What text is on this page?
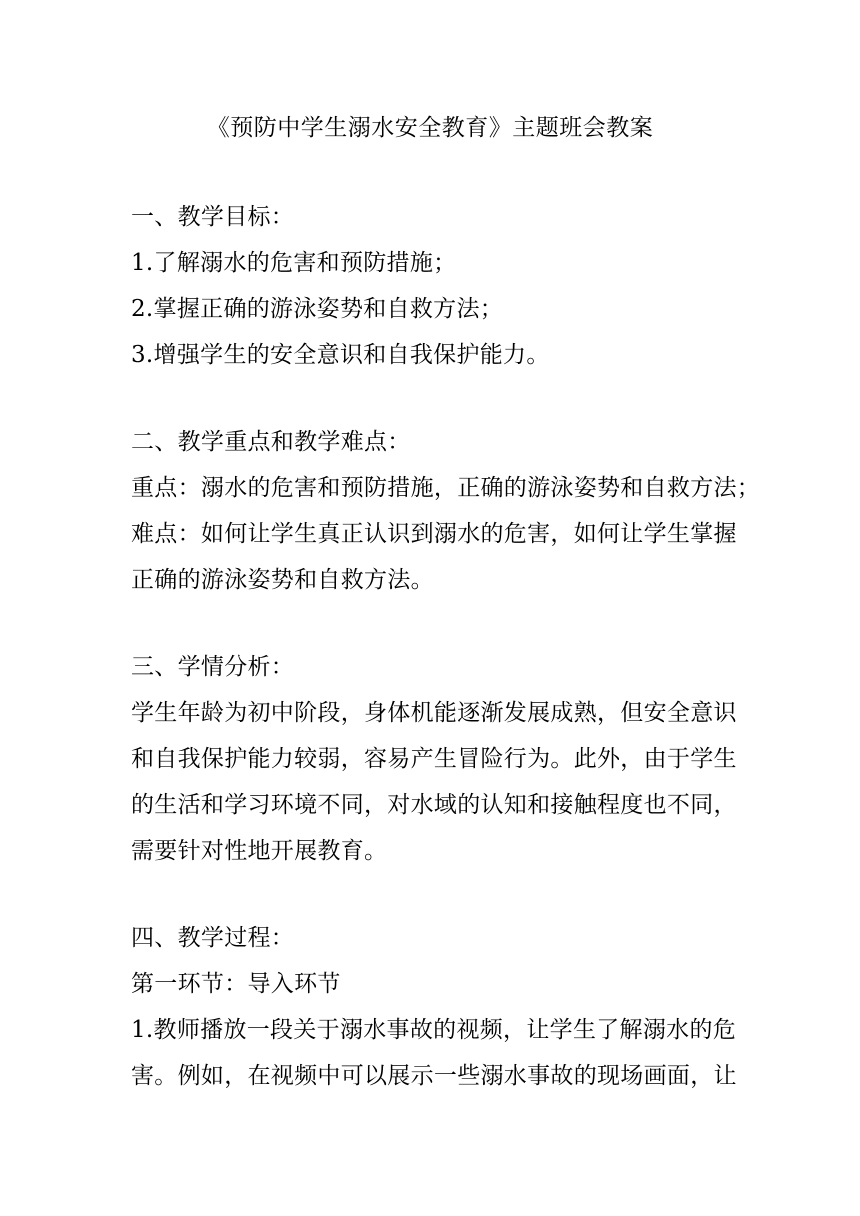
《预防中学生溺水安全教育》主题班会教案
一、教学目标：
1.了解溺水的危害和预防措施；
2.掌握正确的游泳姿势和自救方法；
3.增强学生的安全意识和自我保护能力。
二、教学重点和教学难点：
重点：溺水的危害和预防措施，正确的游泳姿势和自救方法；
难点：如何让学生真正认识到溺水的危害，如何让学生掌握
正确的游泳姿势和自救方法。
三、学情分析：
学生年龄为初中阶段，身体机能逐渐发展成熟，但安全意识
和自我保护能力较弱，容易产生冒险行为。此外，由于学生
的生活和学习环境不同，对水域的认知和接触程度也不同，
需要针对性地开展教育。
四、教学过程：
第一环节：导入环节
1.教师播放一段关于溺水事故的视频，让学生了解溺水的危
害。例如，在视频中可以展示一些溺水事故的现场画面，让
